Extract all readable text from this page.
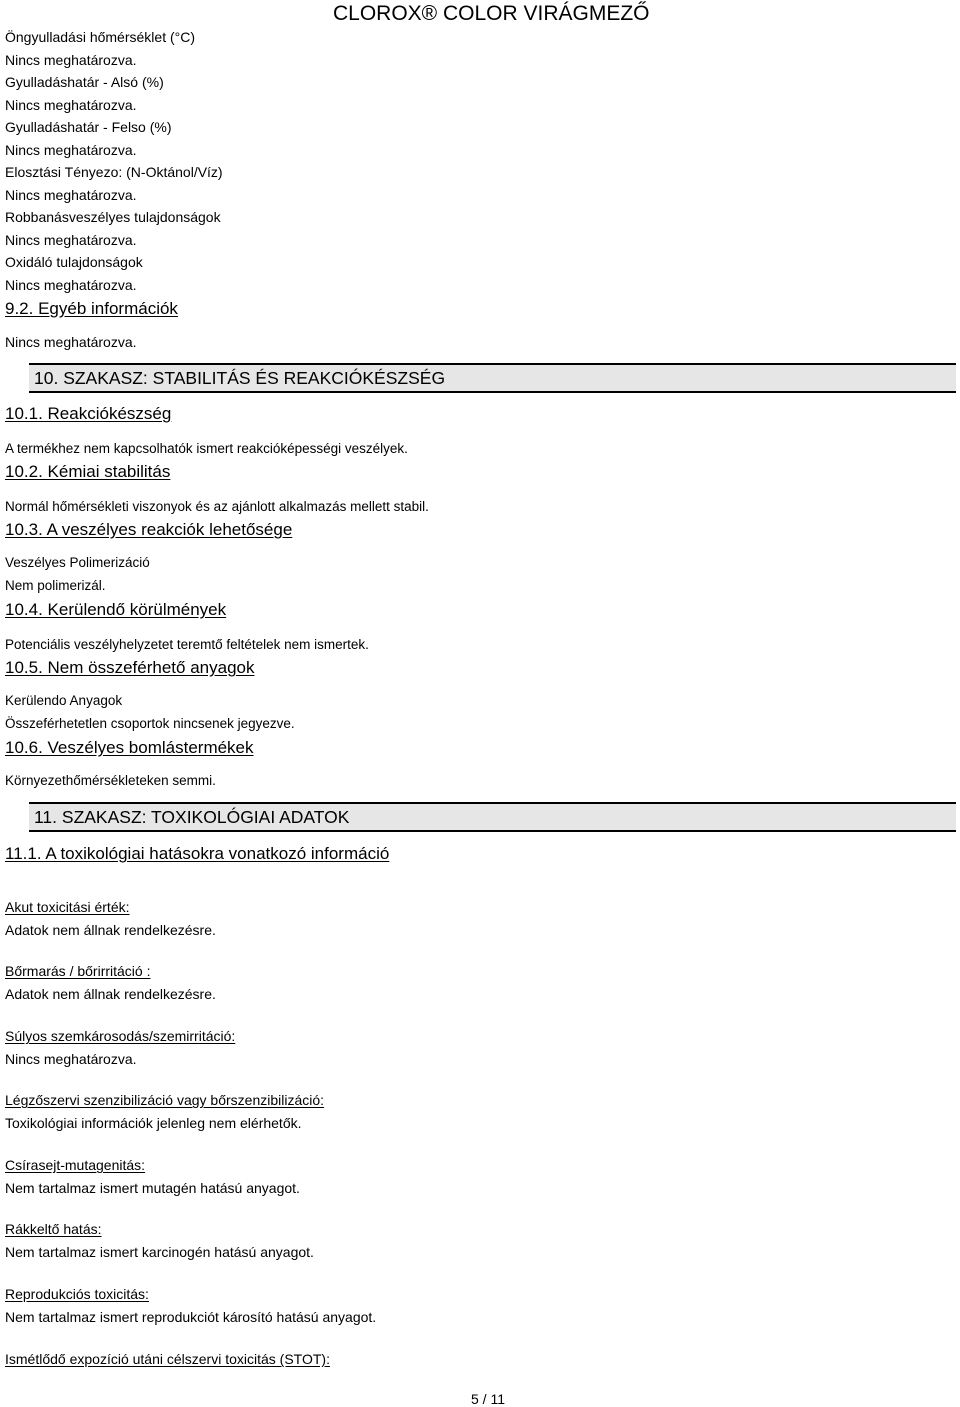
CLOROX® COLOR VIRÁGMEZŐ
Öngyulladási hőmérséklet (°C)
Nincs meghatározva.
Gyulladáshatár - Alsó (%)
Nincs meghatározva.
Gyulladáshatár - Felso (%)
Nincs meghatározva.
Elosztási Tényezo: (N-Oktánol/Víz)
Nincs meghatározva.
Robbanásveszélyes tulajdonságok
Nincs meghatározva.
Oxidáló tulajdonságok
Nincs meghatározva.
9.2. Egyéb információk
Nincs meghatározva.
10. SZAKASZ: STABILITÁS ÉS REAKCIÓKÉSZSÉG
10.1. Reakciókészség
A termékhez nem kapcsolhatók ismert reakcióképességi veszélyek.
10.2. Kémiai stabilitás
Normál hőmérsékleti viszonyok és az ajánlott alkalmazás mellett stabil.
10.3. A veszélyes reakciók lehetősége
Veszélyes Polimerizáció
Nem polimerizál.
10.4. Kerülendő körülmények
Potenciális veszélyhelyzetet teremtő feltételek nem ismertek.
10.5. Nem összeférhető anyagok
Kerülendo Anyagok
Összeférhetetlen csoportok nincsenek jegyezve.
10.6. Veszélyes bomlástermékek
Környezethőmérsékleteken semmi.
11. SZAKASZ: TOXIKOLÓGIAI ADATOK
11.1. A toxikológiai hatásokra vonatkozó információ
Akut toxicitási érték:
Adatok nem állnak rendelkezésre.
Bőrmarás / bőrirritáció :
Adatok nem állnak rendelkezésre.
Súlyos szemkárosodás/szemirritáció:
Nincs meghatározva.
Légzőszervi szenzibilizáció vagy bőrszenzibilizáció:
Toxikológiai információk jelenleg nem elérhetők.
Csírasejt-mutagenitás:
Nem tartalmaz ismert mutagén hatású anyagot.
Rákkeltő hatás:
Nem tartalmaz ismert karcinogén hatású anyagot.
Reprodukciós toxicitás:
Nem tartalmaz ismert reprodukciót károsító hatású anyagot.
Ismétlődő expozíció utáni célszervi toxicitás (STOT):
5 / 11
